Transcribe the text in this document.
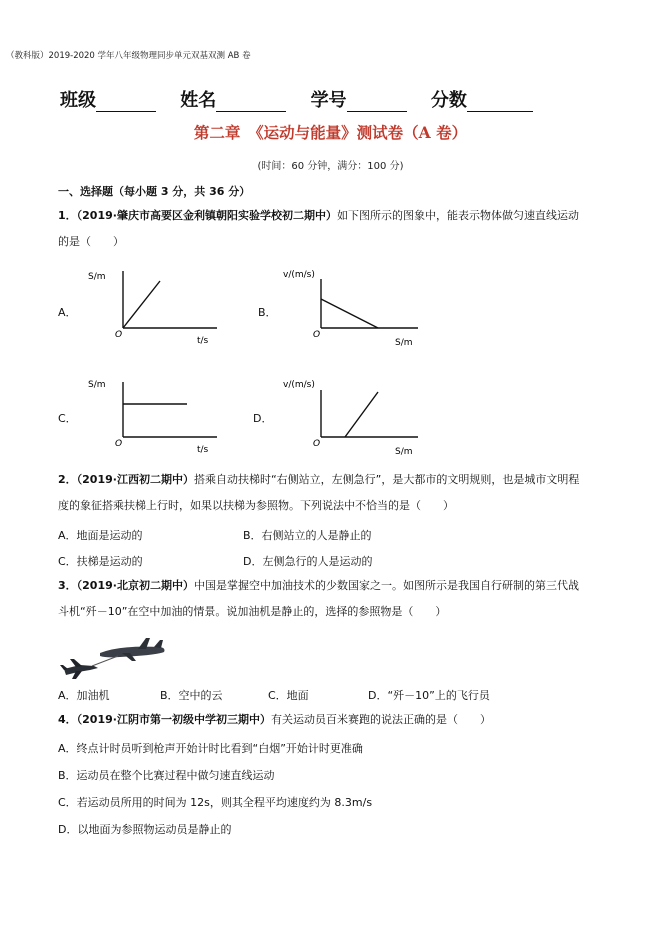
（教科版）2019-2020 学年八年级物理同步单元双基双测 AB 卷
班级	姓名	学号	分数
第二章　《运动与能量》测试卷（A 卷）
(时间：60 分钟，满分：100 分)
一、选择题（每小题 3 分，共 36 分）
1．（2019·肇庆市高要区金利镇朝阳实验学校初二期中）如下图所示的图象中，能表示物体做匀速直线运动
的是（　　）
A．	B．
C．	D．
S/m
O
t/s
v/(m/s)
O
S/m
S/m
O
t/s
v/(m/s)
O
S/m
2．（2019·江西初二期中）搭乘自动扶梯时“右侧站立，左侧急行”，是大都市的文明规则，也是城市文明程
度的象征搭乘扶梯上行时，如果以扶梯为参照物。下列说法中不恰当的是（　　）
A．地面是运动的	B．右侧站立的人是静止的
C．扶梯是运动的	D．左侧急行的人是运动的
3．（2019·北京初二期中）中国是掌握空中加油技术的少数国家之一。如图所示是我国自行研制的第三代战
斗机“歼－10”在空中加油的情景。说加油机是静止的，选择的参照物是（　　）
A．加油机	B．空中的云	C．地面	D．“歼－10”上的飞行员
4．（2019·江阴市第一初级中学初三期中）有关运动员百米赛跑的说法正确的是（　　）
A．终点计时员听到枪声开始计时比看到“白烟”开始计时更准确
B．运动员在整个比赛过程中做匀速直线运动
C．若运动员所用的时间为 12s，则其全程平均速度约为 8.3m/s
D．以地面为参照物运动员是静止的
